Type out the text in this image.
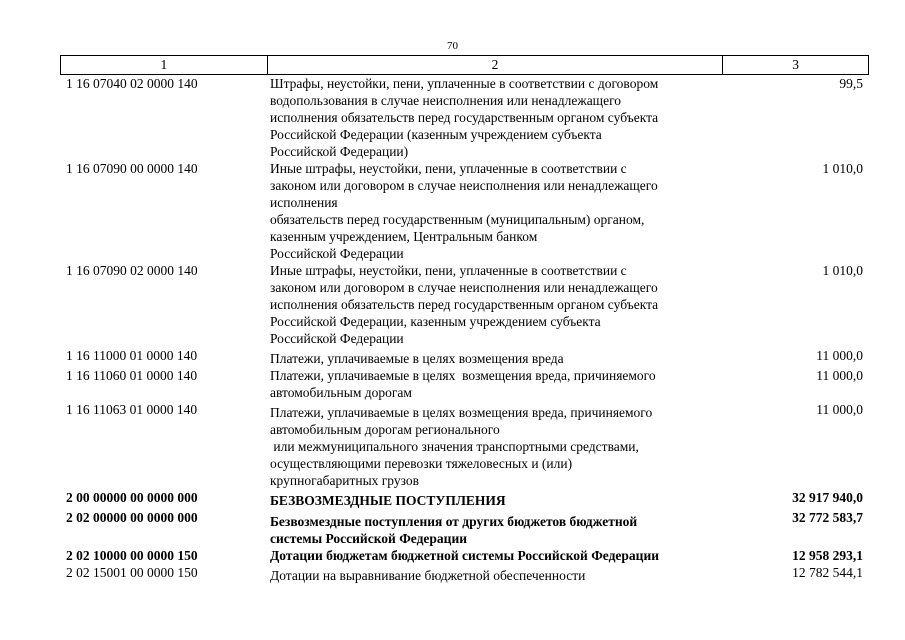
70
1	2	3
1 16 07040 02 0000 140	Штрафы, неустойки, пени, уплаченные в соответствии с договором
водопользования в случае неисполнения или ненадлежащего
исполнения обязательств перед государственным органом субъекта
Российской Федерации (казенным учреждением субъекта
Российской Федерации)
99,5
1 16 07090 00 0000 140	Иные штрафы, неустойки, пени, уплаченные в соответствии с
законом или договором в случае неисполнения или ненадлежащего
исполнения
обязательств перед государственным (муниципальным) органом,
казенным учреждением, Центральным банком
Российской Федерации
1 010,0
1 16 07090 02 0000 140	Иные штрафы, неустойки, пени, уплаченные в соответствии с
законом или договором в случае неисполнения или ненадлежащего
исполнения обязательств перед государственным органом субъекта
Российской Федерации, казенным учреждением субъекта
Российской Федерации
1 010,0
1 16 11000 01 0000 140	Платежи, уплачиваемые в целях возмещения вреда	11 000,0
1 16 11060 01 0000 140	Платежи, уплачиваемые в целях  возмещения вреда, причиняемого
автомобильным дорогам
11 000,0
1 16 11063 01 0000 140	Платежи, уплачиваемые в целях возмещения вреда, причиняемого
автомобильным дорогам регионального
или межмуниципального значения транспортными средствами,
осуществляющими перевозки тяжеловесных и (или)
крупногабаритных грузов
11 000,0
2 00 00000 00 0000 000	БЕЗВОЗМЕЗДНЫЕ ПОСТУПЛЕНИЯ	32 917 940,0
2 02 00000 00 0000 000	Безвозмездные поступления от других бюджетов бюджетной
системы Российской Федерации
32 772 583,7
2 02 10000 00 0000 150	Дотации бюджетам бюджетной системы Российской Федерации	12 958 293,1
2 02 15001 00 0000 150	Дотации на выравнивание бюджетной обеспеченности	12 782 544,1
